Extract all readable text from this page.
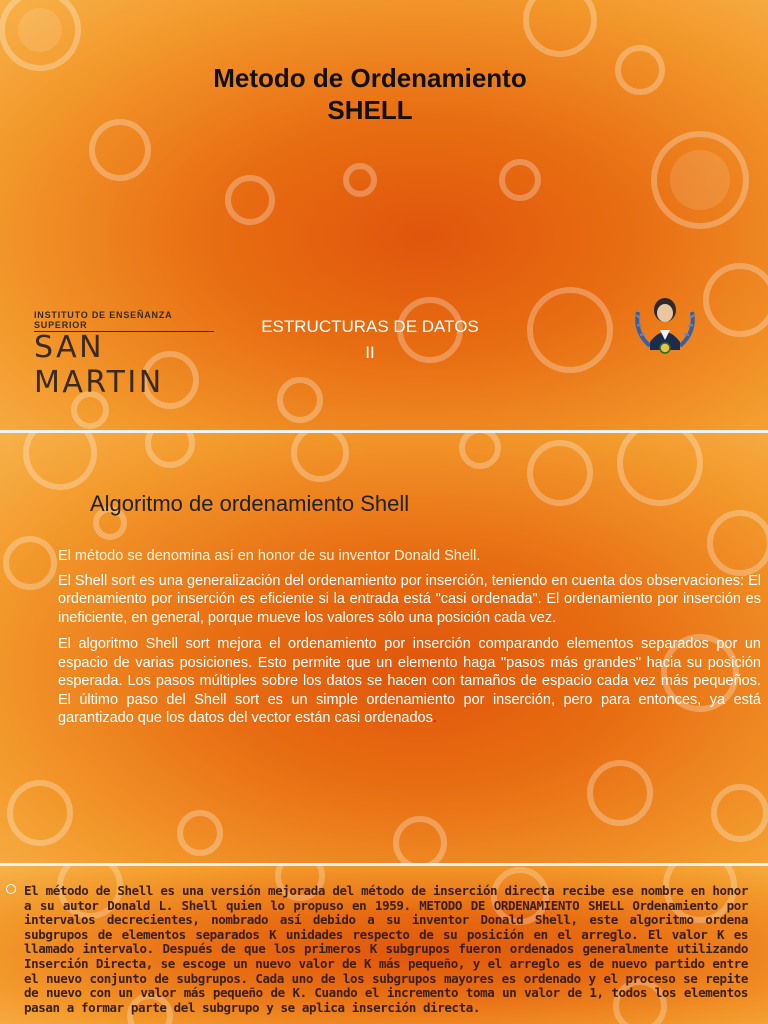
Metodo de Ordenamiento
SHELL
INSTITUTO DE ENSEÑANZA SUPERIOR
SAN MARTIN
ESTRUCTURAS DE DATOS
II
Algoritmo de ordenamiento Shell

El método se denomina así en honor de su inventor Donald Shell.

El Shell sort es una generalización del ordenamiento por inserción, teniendo en cuenta dos observaciones: El ordenamiento por inserción es eficiente si la entrada está "casi ordenada". El ordenamiento por inserción es ineficiente, en general, porque mueve los valores sólo una posición cada vez.

El algoritmo Shell sort mejora el ordenamiento por inserción comparando elementos separados por un espacio de varias posiciones. Esto permite que un elemento haga "pasos más grandes" hacia su posición esperada. Los pasos múltiples sobre los datos se hacen con tamaños de espacio cada vez más pequeños. El último paso del Shell sort es un simple ordenamiento por inserción, pero para entonces, ya está garantizado que los datos del vector están casi ordenados.

El método de Shell es una versión mejorada del método de inserción directa recibe ese nombre en honor a su autor Donald L. Shell quien lo propuso en 1959. METODO DE ORDENAMIENTO SHELL Ordenamiento por intervalos decrecientes, nombrado así debido a su inventor Donald Shell, este algoritmo ordena subgrupos de elementos separados K unidades respecto de su posición en el arreglo. El valor K es llamado intervalo. Después de que los primeros K subgrupos fueron ordenados generalmente utilizando Inserción Directa, se escoge un nuevo valor de K más pequeño, y el arreglo es de nuevo partido entre el nuevo conjunto de subgrupos. Cada uno de los subgrupos mayores es ordenado y el proceso se repite de nuevo con un valor más pequeño de K. Cuando el incremento toma un valor de 1, todos los elementos pasan a formar parte del subgrupo y se aplica inserción directa.
